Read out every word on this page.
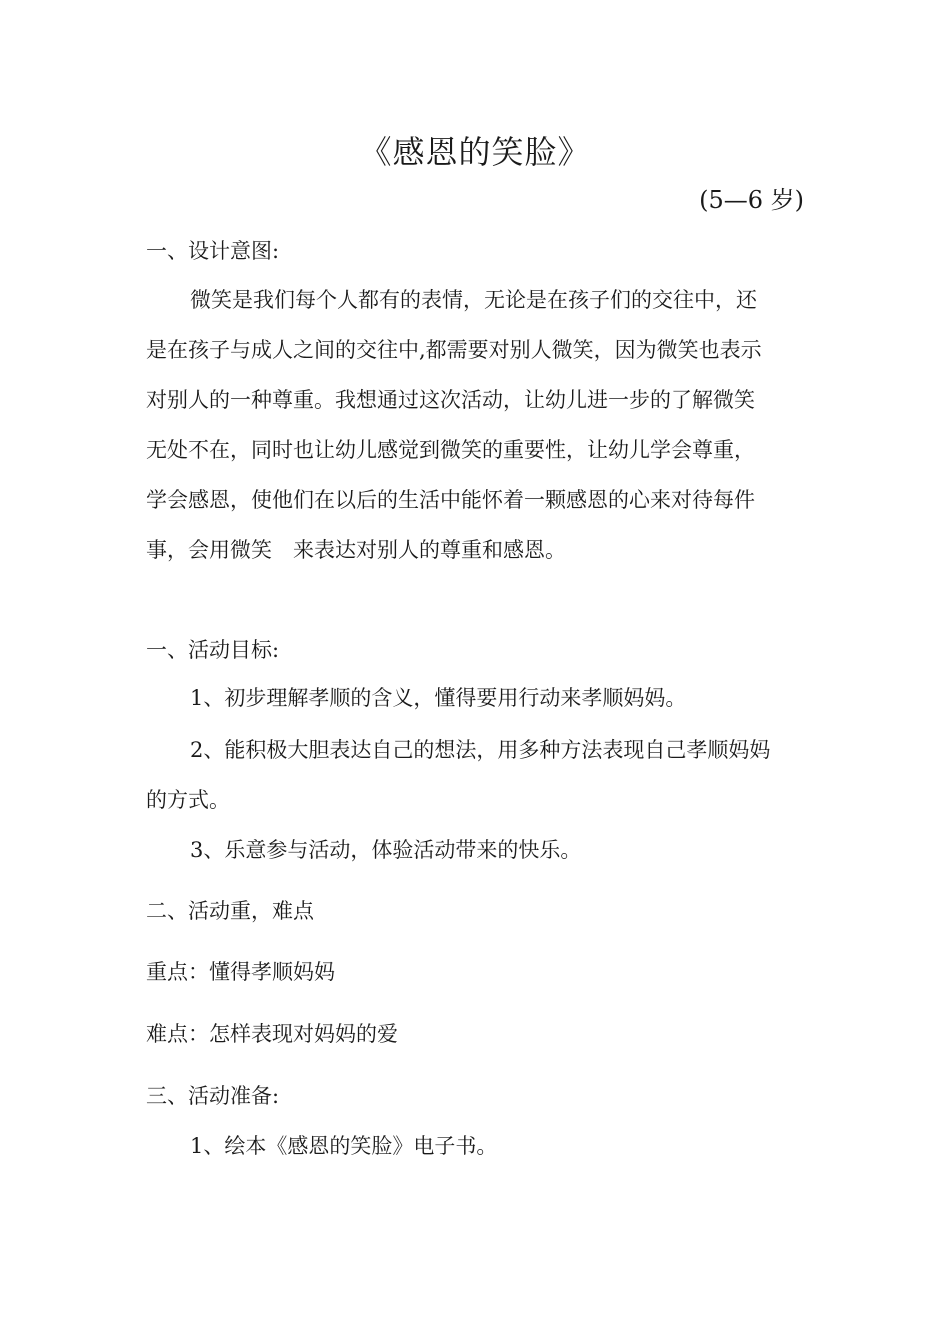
《感恩的笑脸》
(5—6 岁)
一、设计意图:
微笑是我们每个人都有的表情，无论是在孩子们的交往中，还
是在孩子与成人之间的交往中,都需要对别人微笑，因为微笑也表示
对别人的一种尊重。我想通过这次活动，让幼儿进一步的了解微笑
无处不在，同时也让幼儿感觉到微笑的重要性，让幼儿学会尊重，
学会感恩，使他们在以后的生活中能怀着一颗感恩的心来对待每件
事，会用微笑　来表达对别人的尊重和感恩。
一、活动目标:
1、初步理解孝顺的含义，懂得要用行动来孝顺妈妈。
2、能积极大胆表达自己的想法，用多种方法表现自己孝顺妈妈
的方式。
3、乐意参与活动，体验活动带来的快乐。
二、活动重，难点
重点：懂得孝顺妈妈
难点：怎样表现对妈妈的爱
三、活动准备:
1、绘本《感恩的笑脸》电子书。
